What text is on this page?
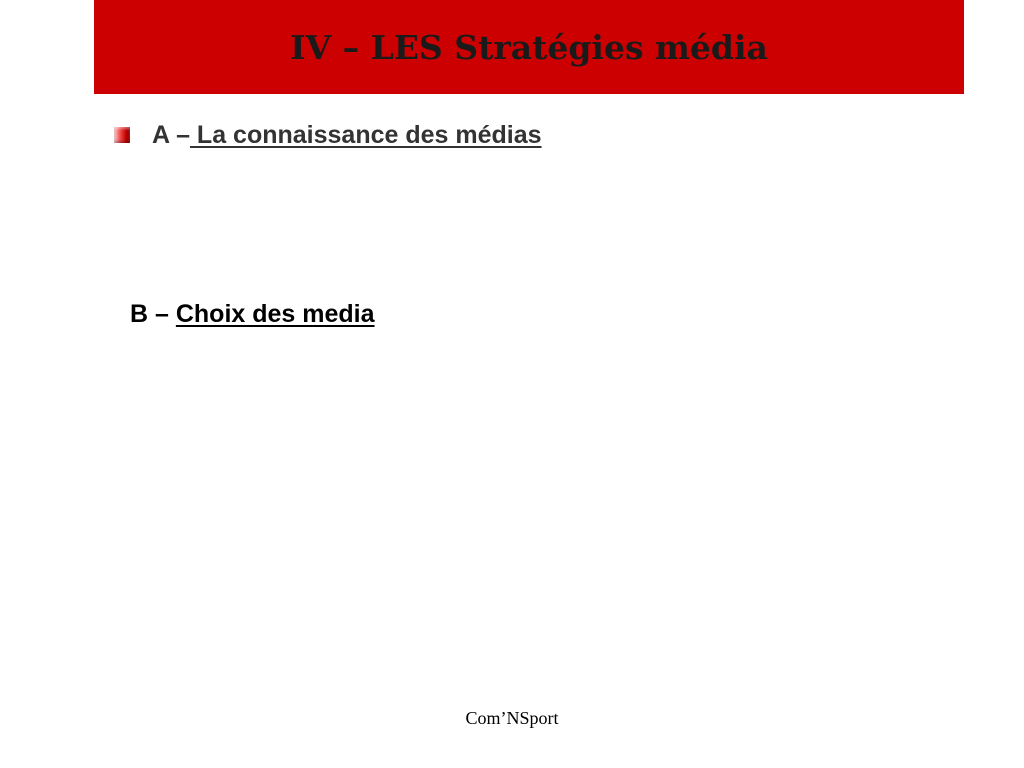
IV – LES Stratégies média
A – La connaissance des médias
B – Choix des media
Com’NSport
